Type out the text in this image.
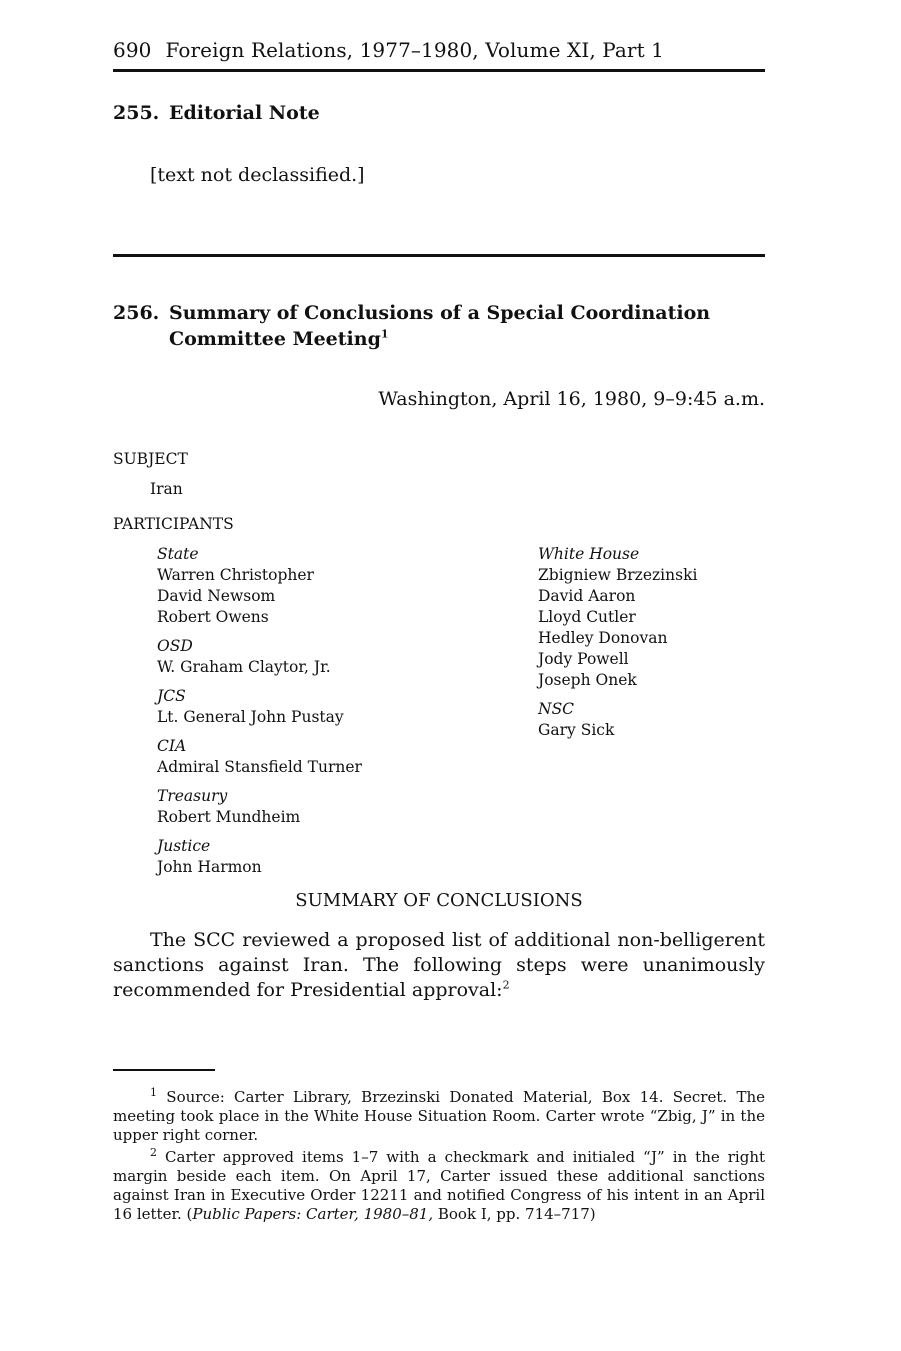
690 Foreign Relations, 1977–1980, Volume XI, Part 1
255. Editorial Note
[text not declassified.]
256. Summary of Conclusions of a Special Coordination
Committee Meeting$^1$
Washington, April 16, 1980, 9–9:45 a.m.
SUBJECT
Iran
PARTICIPANTS
State
Warren Christopher
David Newsom
Robert Owens
OSD
W. Graham Claytor, Jr.
JCS
Lt. General John Pustay
CIA
Admiral Stansfield Turner
Treasury
Robert Mundheim
Justice
John Harmon
White House
Zbigniew Brzezinski
David Aaron
Lloyd Cutler
Hedley Donovan
Jody Powell
Joseph Onek
NSC
Gary Sick
SUMMARY OF CONCLUSIONS
The SCC reviewed a proposed list of additional non-belligerent sanctions against Iran. The following steps were unanimously recommended for Presidential approval:$^2$
$^1$ Source: Carter Library, Brzezinski Donated Material, Box 14. Secret. The meeting took place in the White House Situation Room. Carter wrote “Zbig, J” in the upper right corner.
$^2$ Carter approved items 1–7 with a checkmark and initialed “J” in the right margin beside each item. On April 17, Carter issued these additional sanctions against Iran in Executive Order 12211 and notified Congress of his intent in an April 16 letter. (Public Papers: Carter, 1980–81, Book I, pp. 714–717)
